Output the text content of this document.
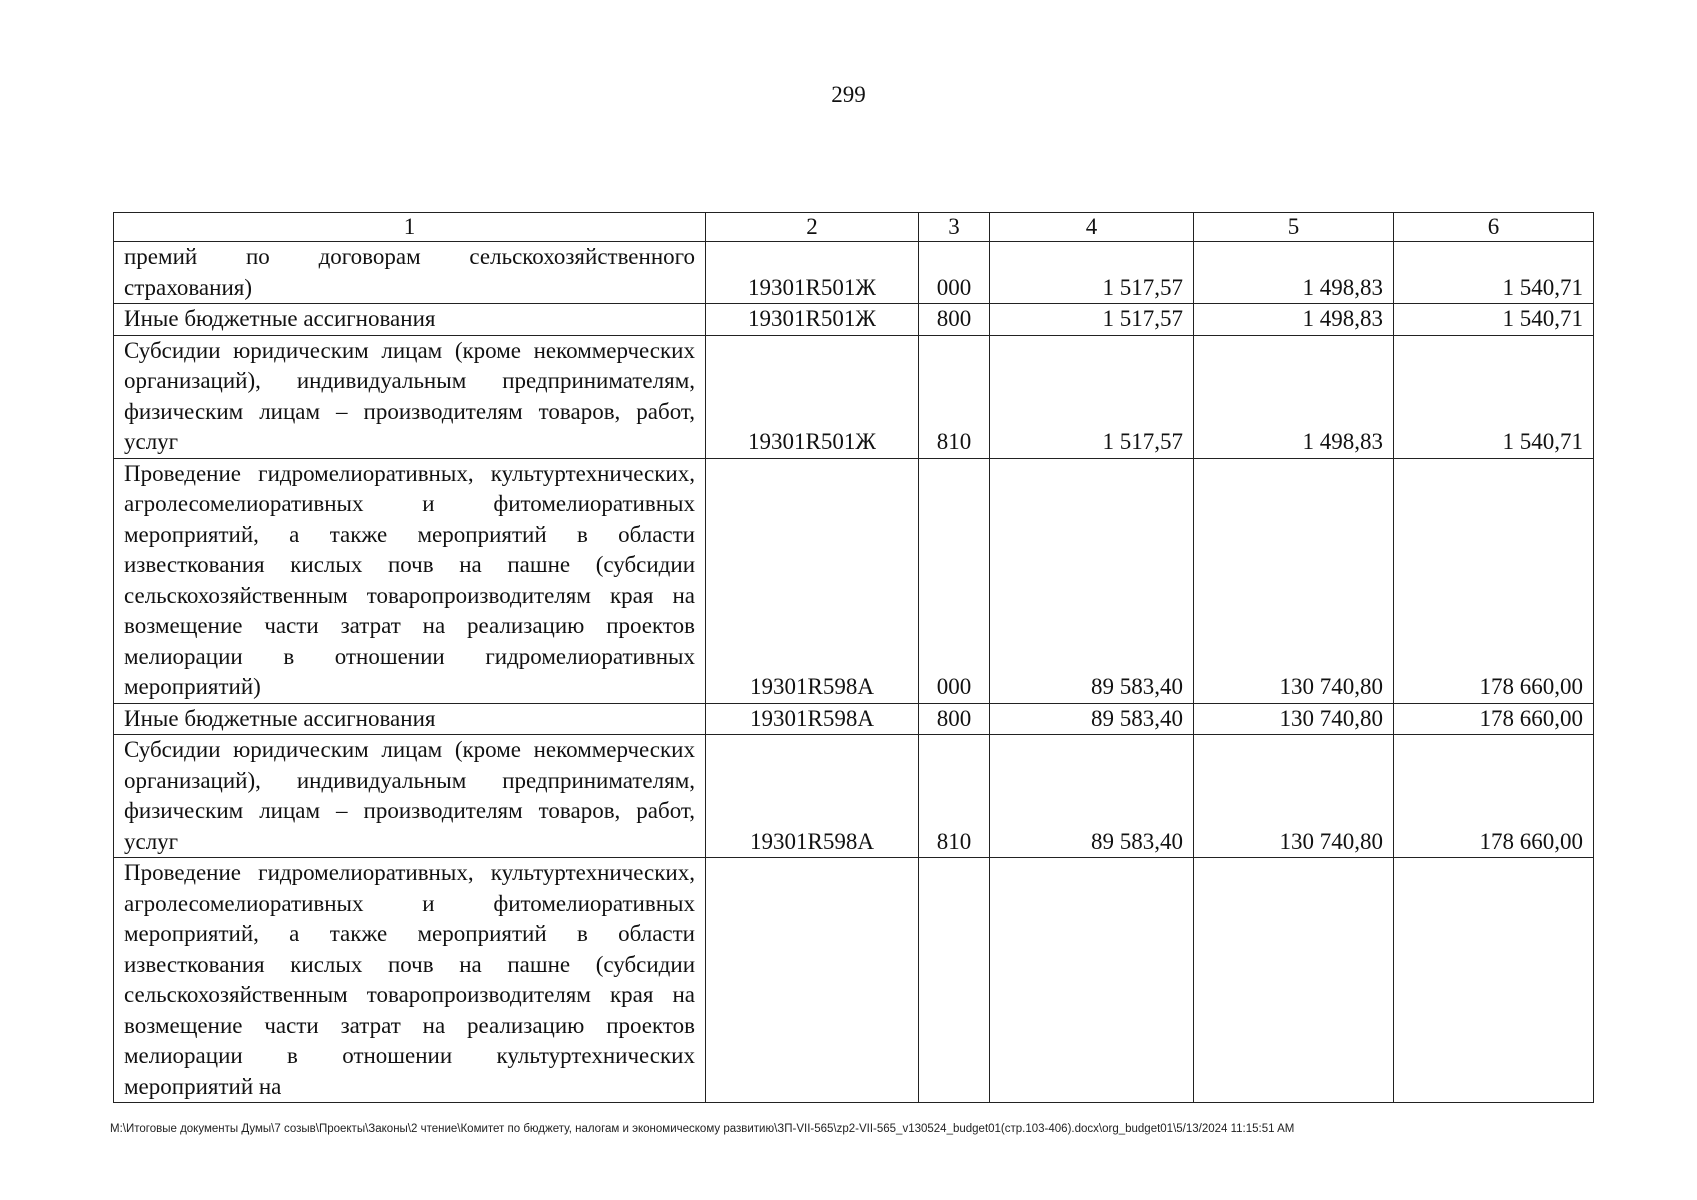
299
1	2	3	4	5	6
премий по договорам сельскохозяйственного страхования)	19301R501Ж	000	1 517,57	1 498,83	1 540,71
Иные бюджетные ассигнования	19301R501Ж	800	1 517,57	1 498,83	1 540,71
Субсидии юридическим лицам (кроме некоммерческих организаций), индивидуальным предпринимателям, физическим лицам – производителям товаров, работ, услуг	19301R501Ж	810	1 517,57	1 498,83	1 540,71
Проведение гидромелиоративных, культуртехнических, агролесомелиоративных и фитомелиоративных мероприятий, а также мероприятий в области известкования кислых почв на пашне (субсидии сельскохозяйственным товаропроизводителям края на возмещение части затрат на реализацию проектов мелиорации в отношении гидромелиоративных мероприятий)	19301R598А	000	89 583,40	130 740,80	178 660,00
Иные бюджетные ассигнования	19301R598А	800	89 583,40	130 740,80	178 660,00
Субсидии юридическим лицам (кроме некоммерческих организаций), индивидуальным предпринимателям, физическим лицам – производителям товаров, работ, услуг	19301R598А	810	89 583,40	130 740,80	178 660,00
Проведение гидромелиоративных, культуртехнических, агролесомелиоративных и фитомелиоративных мероприятий, а также мероприятий в области известкования кислых почв на пашне (субсидии сельскохозяйственным товаропроизводителям края на возмещение части затрат на реализацию проектов мелиорации в отношении культуртехнических мероприятий на					
M:\Итоговые документы Думы\7 созыв\Проекты\Законы\2 чтение\Комитет по бюджету, налогам и экономическому развитию\ЗП-VII-565\zp2-VII-565_v130524_budget01(стр.103-406).docx\org_budget01\5/13/2024 11:15:51 AM
